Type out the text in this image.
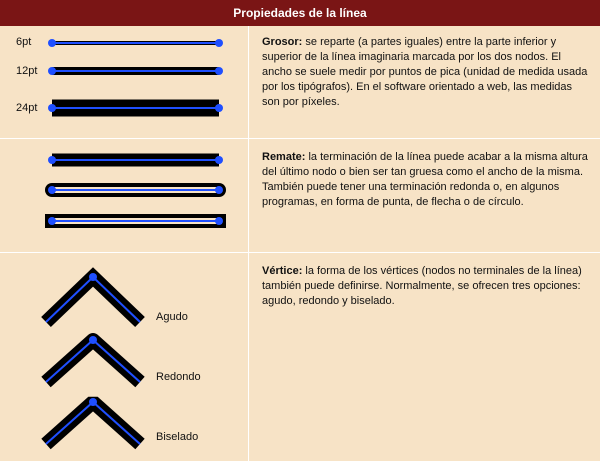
Propiedades de la línea
6pt
12pt
24pt
Agudo
Redondo
Biselado
Grosor: se reparte (a partes iguales) entre la parte inferior y superior de la línea imaginaria marcada por los dos nodos. El ancho se suele medir por puntos de pica (unidad de medida usada por los tipógrafos). En el software orientado a web, las medidas son por píxeles.
Remate: la terminación de la línea puede acabar a la misma altura del último nodo o bien ser tan gruesa como el ancho de la misma. También puede tener una terminación redonda o, en algunos programas, en forma de punta, de flecha o de círculo.
Vértice: la forma de los vértices (nodos no terminales de la línea) también puede definirse. Normalmente, se ofrecen tres opciones: agudo, redondo y biselado.
